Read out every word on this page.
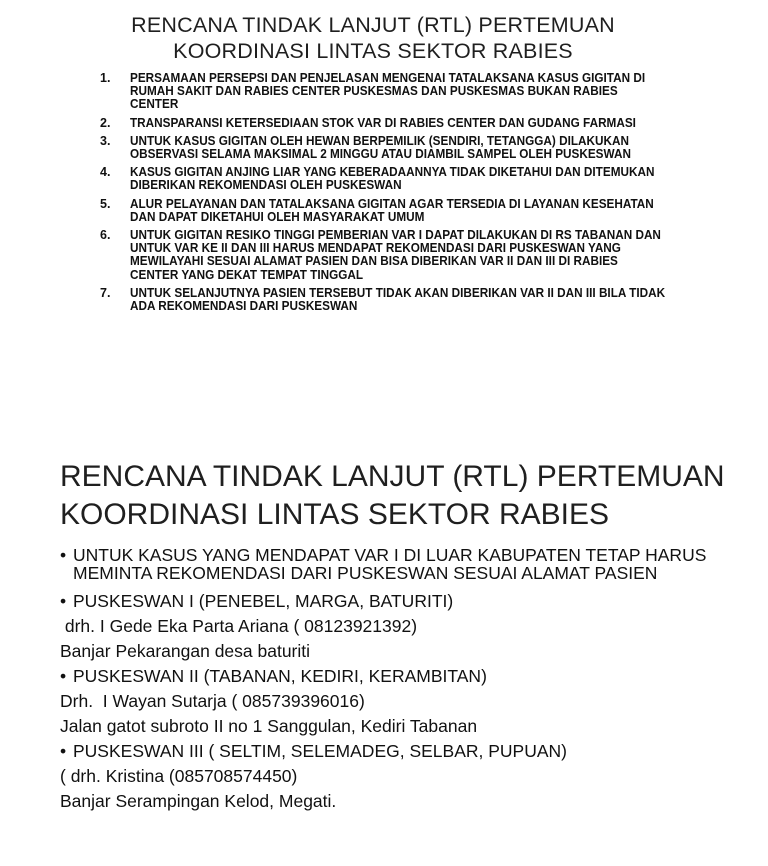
RENCANA TINDAK LANJUT (RTL) PERTEMUAN
KOORDINASI LINTAS SEKTOR RABIES
1. PERSAMAAN PERSEPSI DAN PENJELASAN MENGENAI TATALAKSANA KASUS GIGITAN DI RUMAH SAKIT DAN RABIES CENTER PUSKESMAS DAN PUSKESMAS BUKAN RABIES CENTER
2. TRANSPARANSI KETERSEDIAAN STOK VAR DI RABIES CENTER DAN GUDANG FARMASI
3. UNTUK KASUS GIGITAN OLEH HEWAN BERPEMILIK (SENDIRI, TETANGGA) DILAKUKAN OBSERVASI SELAMA MAKSIMAL 2 MINGGU ATAU DIAMBIL SAMPEL OLEH PUSKESWAN
4. KASUS GIGITAN ANJING LIAR YANG KEBERADAANNYA TIDAK DIKETAHUI DAN DITEMUKAN DIBERIKAN REKOMENDASI OLEH PUSKESWAN
5. ALUR PELAYANAN DAN TATALAKSANA GIGITAN AGAR TERSEDIA DI LAYANAN KESEHATAN DAN DAPAT DIKETAHUI OLEH MASYARAKAT UMUM
6. UNTUK GIGITAN RESIKO TINGGI PEMBERIAN VAR I DAPAT DILAKUKAN DI RS TABANAN DAN UNTUK VAR KE II DAN III HARUS MENDAPAT REKOMENDASI DARI PUSKESWAN YANG MEWILAYAHI SESUAI ALAMAT PASIEN DAN BISA DIBERIKAN VAR II DAN III DI RABIES CENTER YANG DEKAT TEMPAT TINGGAL
7. UNTUK SELANJUTNYA PASIEN TERSEBUT TIDAK AKAN DIBERIKAN VAR II DAN III BILA TIDAK ADA REKOMENDASI DARI PUSKESWAN
RENCANA TINDAK LANJUT (RTL) PERTEMUAN
KOORDINASI LINTAS SEKTOR RABIES
• UNTUK KASUS YANG MENDAPAT VAR I DI LUAR KABUPATEN TETAP HARUS
MEMINTA REKOMENDASI DARI PUSKESWAN SESUAI ALAMAT PASIEN
• PUSKESWAN I (PENEBEL, MARGA, BATURITI)
drh. I Gede Eka Parta Ariana ( 08123921392)
Banjar Pekarangan desa baturiti
• PUSKESWAN II (TABANAN, KEDIRI, KERAMBITAN)
Drh.  I Wayan Sutarja ( 085739396016)
Jalan gatot subroto II no 1 Sanggulan, Kediri Tabanan
• PUSKESWAN III ( SELTIM, SELEMADEG, SELBAR, PUPUAN)
( drh. Kristina (085708574450)
Banjar Serampingan Kelod, Megati.
